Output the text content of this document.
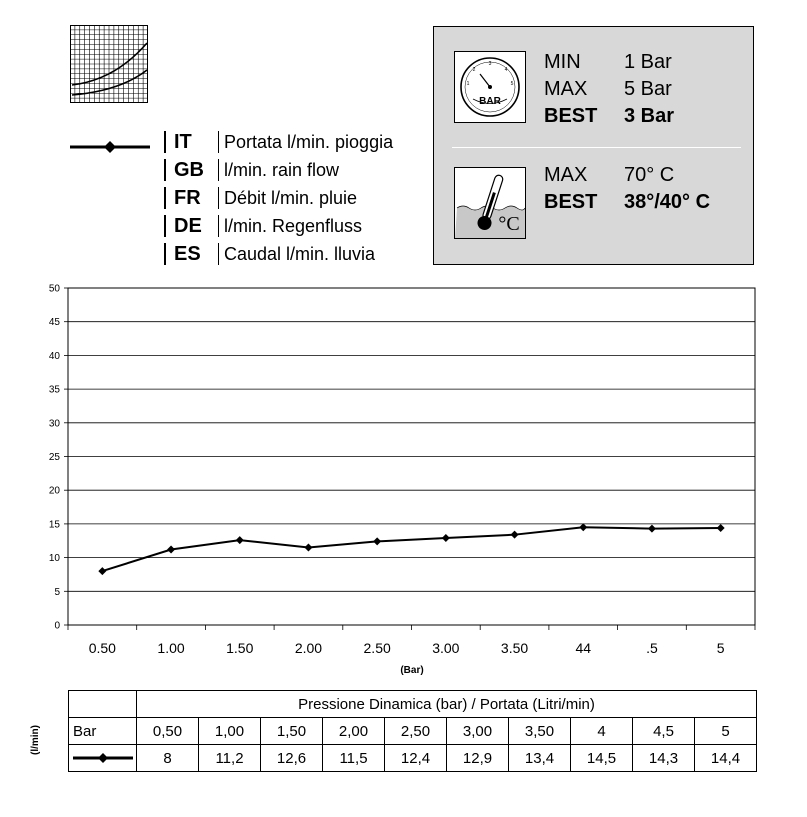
IT	Portata l/min. pioggia
GB	l/min. rain flow
FR	Débit l/min. pluie
DE	l/min. Regenfluss
ES	Caudal l/min. lluvia
3
2	4
1	5
BAR
MIN 1 Bar
MAX 5 Bar
BEST 3 Bar
°C
MAX 70° C
BEST 38°/40° C
0
5
10
15
20
25
30
35
40
45
50
0.50	1.00	1.50	2.00	2.50	3.00	3.50	44	.5	5
(Bar)
(l/min)
	Pressione Dinamica (bar) / Portata (Litri/min)									
Bar	0,50	1,00	1,50	2,00	2,50	3,00	3,50	4	4,5	5

	8	11,2	12,6	11,5	12,4	12,9	13,4	14,5	14,3	14,4
